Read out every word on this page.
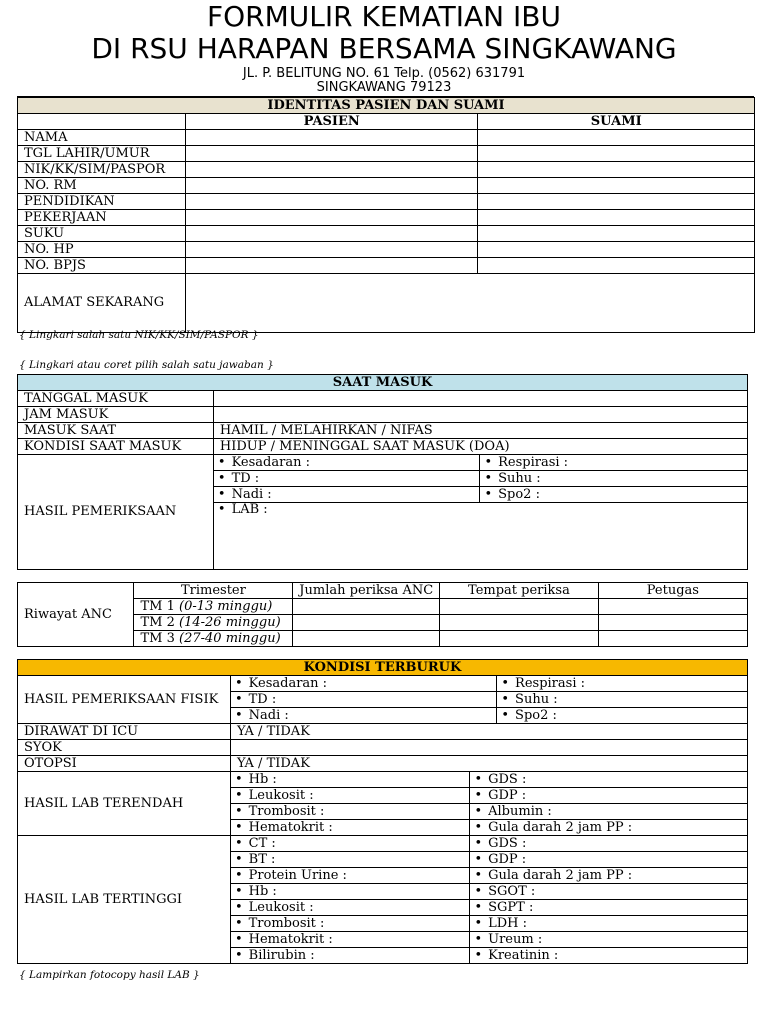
FORMULIR KEMATIAN IBU
DI RSU HARAPAN BERSAMA SINGKAWANG
JL. P. BELITUNG NO. 61 Telp. (0562) 631791
SINGKAWANG 79123
IDENTITAS PASIEN DAN SUAMI		
	PASIEN	SUAMI
NAMA		
TGL LAHIR/UMUR		
NIK/KK/SIM/PASPOR		
NO. RM		
PENDIDIKAN		
PEKERJAAN		
SUKU		
NO. HP		
NO. BPJS		
ALAMAT SEKARANG		
{ Lingkari salah satu NIK/KK/SIM/PASPOR }
{ Lingkari atau coret pilih salah satu jawaban }
SAAT MASUK		
TANGGAL MASUK		
JAM MASUK		
MASUK SAAT	HAMIL / MELAHIRKAN / NIFAS	
KONDISI SAAT MASUK	HIDUP / MENINGGAL SAAT MASUK (DOA)	
HASIL PEMERIKSAAN	• Kesadaran :	• Respirasi :
	• TD :	• Suhu :
	• Nadi :	• Spo2 :
	• LAB :
Riwayat ANC	Trimester	Jumlah periksa ANC	Tempat periksa	Petugas
	TM 1 (0-13 minggu)			
	TM 2 (14-26 minggu)			
	TM 3 (27-40 minggu)			
KONDISI TERBURUK			
HASIL PEMERIKSAAN FISIK	• Kesadaran :		• Respirasi :
	• TD :		• Suhu :
	• Nadi :		• Spo2 :
DIRAWAT DI ICU	YA / TIDAK		
SYOK			
OTOPSI	YA / TIDAK		
HASIL LAB TERENDAH	• Hb :	• GDS :
	• Leukosit :	• GDP :
	• Trombosit :	• Albumin :
	• Hematokrit :	• Gula darah 2 jam PP :
HASIL LAB TERTINGGI	• CT :	• GDS :
	• BT :	• GDP :
	• Protein Urine :	• Gula darah 2 jam PP :
	• Hb :	• SGOT :
	• Leukosit :	• SGPT :
	• Trombosit :	• LDH :
	• Hematokrit :	• Ureum :
	• Bilirubin :	• Kreatinin :
{ Lampirkan fotocopy hasil LAB }
